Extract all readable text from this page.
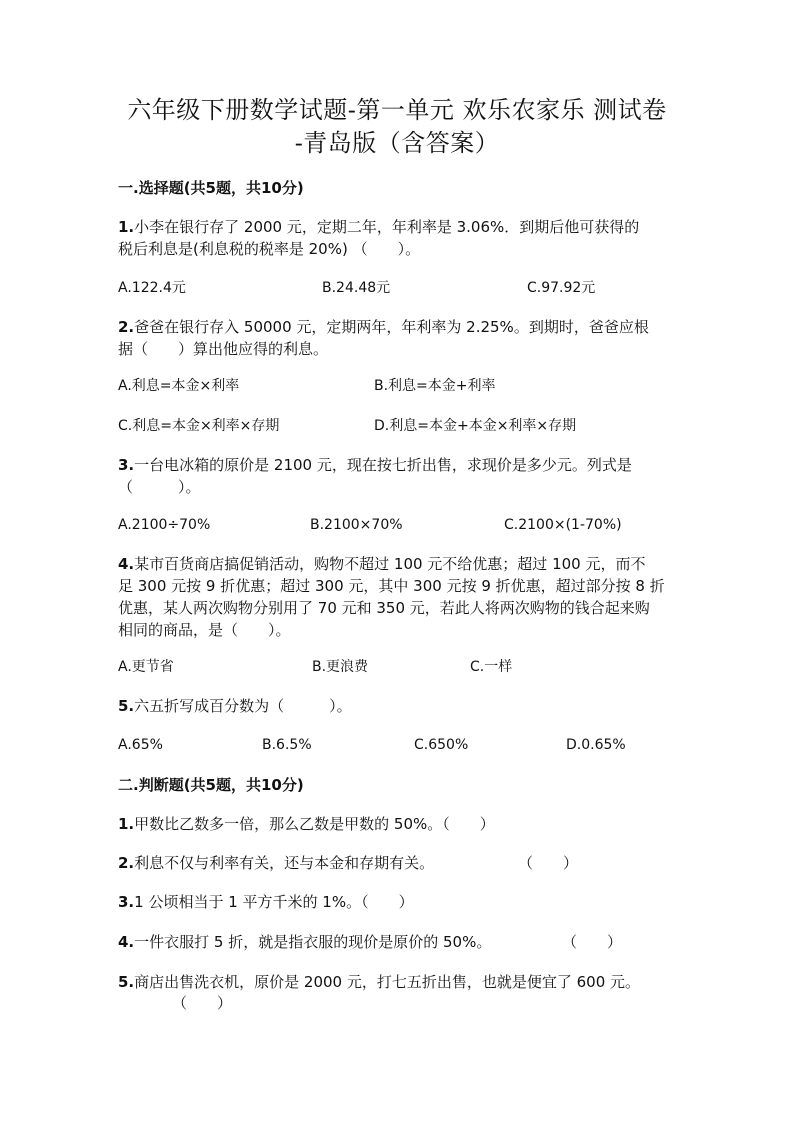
六年级下册数学试题-第一单元 欢乐农家乐 测试卷
-青岛版（含答案）
一.选择题(共5题，共10分)
1.小李在银行存了 2000 元，定期二年，年利率是 3.06%．到期后他可获得的
税后利息是(利息税的税率是 20%) （　　）。
A.122.4元	B.24.48元	C.97.92元
2.爸爸在银行存入 50000 元，定期两年，年利率为 2.25%。到期时，爸爸应根
据（　　）算出他应得的利息。
A.利息=本金×利率	B.利息=本金+利率
C.利息=本金×利率×存期	D.利息=本金+本金×利率×存期
3.一台电冰箱的原价是 2100 元，现在按七折出售，求现价是多少元。列式是
（　　　）。
A.2100÷70%	B.2100×70%	C.2100×(1-70%)
4.某市百货商店搞促销活动，购物不超过 100 元不给优惠；超过 100 元，而不
足 300 元按 9 折优惠；超过 300 元，其中 300 元按 9 折优惠，超过部分按 8 折
优惠，某人两次购物分别用了 70 元和 350 元，若此人将两次购物的钱合起来购
相同的商品，是（　　）。
A.更节省	B.更浪费	C.一样
5.六五折写成百分数为（　　　）。
A.65%	B.6.5%	C.650%	D.0.65%
二.判断题(共5题，共10分)
1.甲数比乙数多一倍，那么乙数是甲数的 50%。（　　）
2.利息不仅与利率有关，还与本金和存期有关。	（　　）
3.1 公顷相当于 1 平方千米的 1%。（　　）
4.一件衣服打 5 折，就是指衣服的现价是原价的 50%。	（　　）
5.商店出售洗衣机，原价是 2000 元，打七五折出售，也就是便宜了 600 元。
（　　）
